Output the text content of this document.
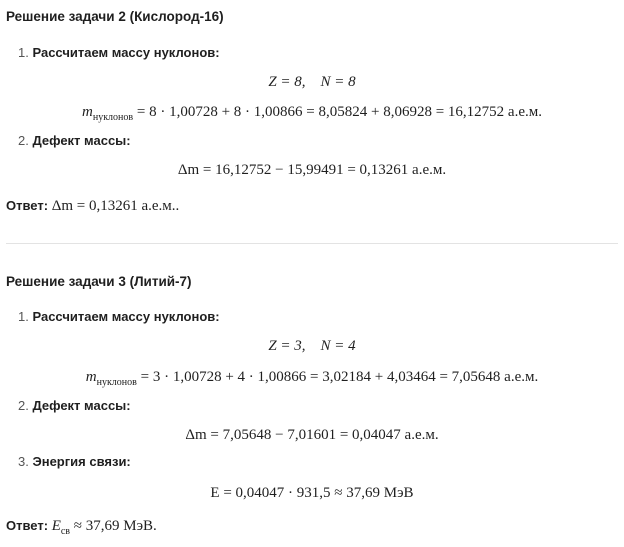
Решение задачи 2 (Кислород-16)
1. Рассчитаем массу нуклонов:
Z = 8,    N = 8
$m_{нуклонов} = 8 \cdot 1,00728 + 8 \cdot 1,00866 = 8,05824 + 8,06928 = 16,12752$ а.е.м.
2. Дефект массы:
Δm = 16,12752 − 15,99491 = 0,13261 а.е.м.
Ответ: Δm = 0,13261 а.е.м..
Решение задачи 3 (Литий-7)
1. Рассчитаем массу нуклонов:
Z = 3,    N = 4
$m_{нуклонов} = 3 \cdot 1,00728 + 4 \cdot 1,00866 = 3,02184 + 4,03464 = 7,05648$ а.е.м.
2. Дефект массы:
Δm = 7,05648 − 7,01601 = 0,04047 а.е.м.
3. Энергия связи:
E = 0,04047 · 931,5 ≈ 37,69 МэВ
Ответ: $E_{св} \approx 37,69$ МэВ.
